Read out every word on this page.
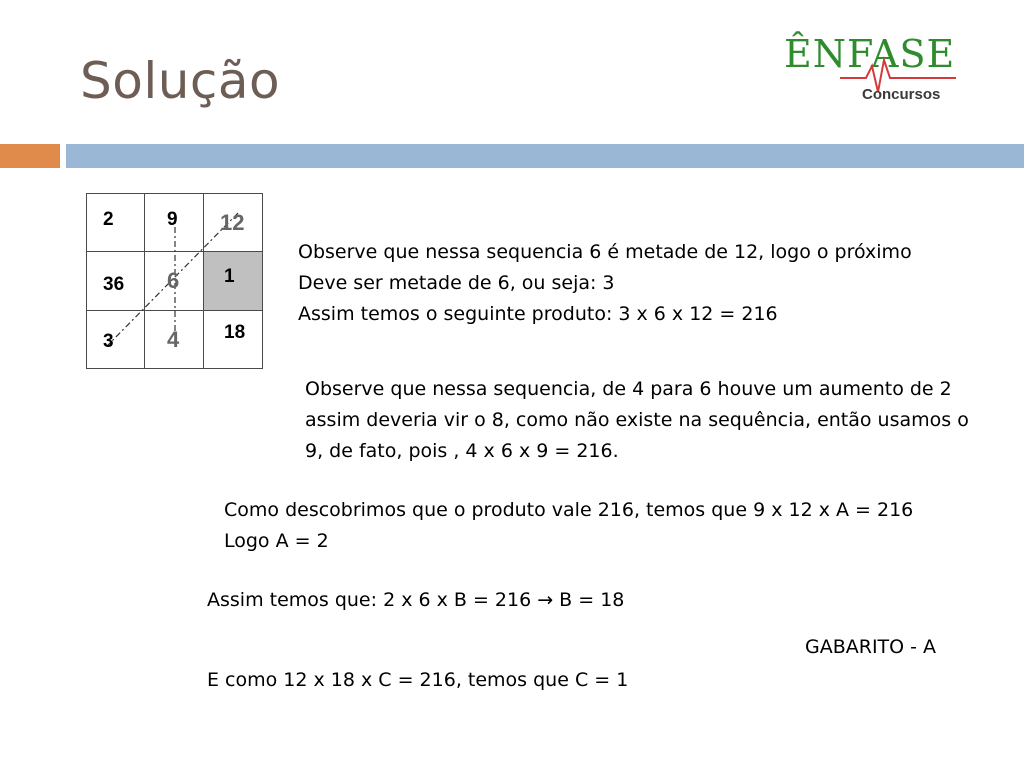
Solução	ÊNFASE
Concursos
2	9 12
36 6 1
3 4 18
Observe que nessa sequencia 6 é metade de 12, logo o próximo
Deve ser metade de 6, ou seja: 3
Assim temos o seguinte produto: 3 x 6 x 12 = 216
Observe que nessa sequencia, de 4 para 6 houve um aumento de 2
assim deveria vir o 8, como não existe na sequência, então usamos o
9, de fato, pois , 4 x 6 x 9 = 216.
Como descobrimos que o produto vale 216, temos que 9 x 12 x A = 216
Logo A = 2
Assim temos que: 2 x 6 x B = 216 → B = 18
GABARITO - A
E como 12 x 18 x C = 216, temos que C = 1
